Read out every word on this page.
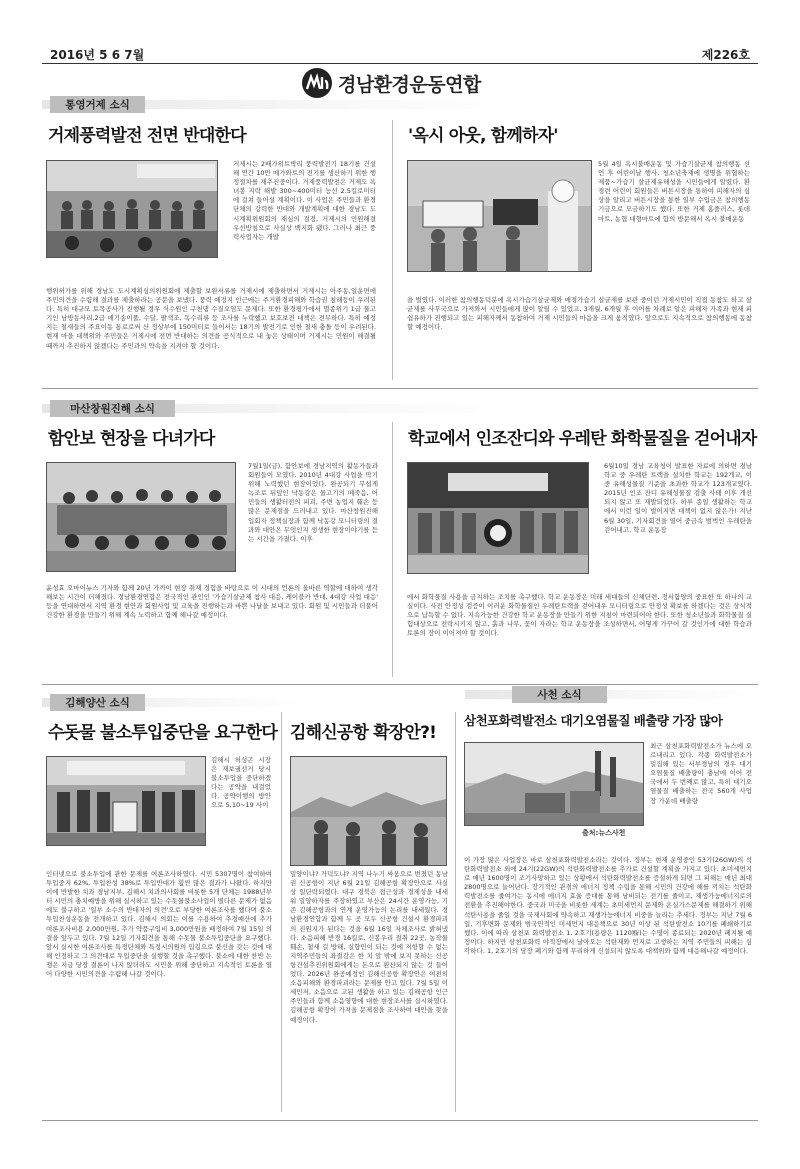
2016년 5 6 7월	제226호
경남환경운동연합
통영거제 소식
거제풍력발전 전면 반대한다
거제시는 2배가위트박리 풍력발전기 18기를 건설해 연간 10만 메가와트의 전기를 생산하기 위한 행정절차를 재추진중이다. 거제풍력발전은 거제도 옥녀봉 지락 해발 300~400미터 능선 2.5킬로미터에 걸쳐 들어설 계획이다. 이 사업은 주민들과 환경단체의 강력한 반대와 개발계획에 대한 경남도 도시계획위원회의 재심의 결정, 거제시의 민원해결 우선방침으로 사실상 백지화 됐다. 그러나 최근 풍력사업자는 개발
행위허가를 위해 경남도 도시계획심의위원회에 제출할 보완서류를 거제시에 제출하면서 거제시는 아주동,일운면에 주민의견을 수렴해 결과를 제출하라는 공문을 보냈다. 풍력 예정지 인근에는 주거환경피해와 학습권 침해등이 우려된다. 특히 대규모 토목공사가 진행될 경우 식수원인 구천댐 수질오염도 문제다. 또한 환경평가에서 멸종위기 1급 물고기인 남방동사리,2급 애기송이풀, 수달, 팔색조, 독수리류 등 조사를 누락했고 보호보전 대책은 전무하다. 특히 예정지는 철새들의 주요이동 통로로써 산 정상부에 150미터로 들어서는 18기의 발전기로 인한 철새 충돌 등이 우려된다. 현재 마을 대책위와 주민들은 거제시에 전면 반대하는 의견을 공식적으로 내 놓은 상태이며 거제시는 민원이 해결될 때까지 추진하지 않겠다는 주민과의 약속을 지켜야 할 것이다.
'옥시 아웃, 함께하자'
5월 4일 옥시불매운동 및 가습기살균제 참의행동 선언 후 어린이날 행사, 청소년축제에 생명을 위협하는 제품~가습기 살균제유해성을 시민들에게 알렸다. 환경련 어린이 회원들은 버튼시장을 통하여 피해자의 심상을 알리고 버튼시장을 통한 일부 수입금은 참의행동기금으로 모금하기도 했다. 또한 거제 홈플러스, 롯데마트, 농협 대형마트에 함의 방문해서 옥시 불매운동
을 벌였다. 이러한 참의행동덕분에 옥시가습기살균제와 애경가습기 살균제를 보관 중이던 거제시민이 직접 동참도 하고 살균제를 사무국으로 가져와서 시민들에게 많이 알릴 수 있었고, 3개월, 6개월 후 이어를 차례로 알은 피해자 가족과 현재 피 쉽유하가 진행되고 있는 피해자께서 동참하여 거제 시민들의 마음을 크게 움직였다. 앞으로도 지속적으로 참의행동에 동참할 예정이다.
마산창원진해 소식
함안보 현장을 다녀가다
7월1일(금), 함안보에 경남지역의 활동가들과 회원들이 모였다. 2010년 4대강 사업을 막기 위해 노력했던 현장이었다. 완공되기 무섭게 녹조로 뒤덮인 낙동강은 물고기의 떼죽음, 어민들의 생활터전의 피괴, 주변 농업지 훼손 등 많은 문제점을 드러내고 있다. 마산창원진해 입회자 정책실장과 함께 낙동강 모니터링의 결과와 대안은 무엇인지 생생한 현장이야기를 듣는 시간을 가졌다. 이후
윤성효 오마이뉴스 기자와 함께 20년 가까이 현장 취재 경험을 바탕으로 이 시대의 언론의 올바른 역할에 대하여 생각해보는 시간이 더해졌다. 경남환경연합은 전국적인 관인인 '가습기살균제 참사 대응, 케이블카 반대, 4대강 사업 대응' 등을 연대하면서 지역 환경 현안과 회원사업 및 교육을 진행하는과 바쁜 나날을 보내고 있다. 회원 및 시민들과 더불어 건강한 환경을 만들기 위해 계속 노력하고 함께 해나갈 예정이다.
학교에서 인조잔디와 우레탄 화학물질을 걷어내자
6월10일 경남 교육청이 발표한 자료에 의하면 경남 학교 중 우레탄 트랙을 설치한 학교는 192개교, 이 중 유해성물질 기준을 초과한 학교가 123개교였다. 2015년 인조 잔디 유해성물질 검출 사태 이후 개선되지 않고 또 재발되었다. 하루 종일 생활하는 학교에서 이런 일이 벌어지면 대책이 없지 않은가! 지난 6월 30일, 기자회견을 열어 중금속 범벅인 우레탄을 걷어내고, 학교 운동장
에서 화학물질 사용을 금지하는 조치를 촉구했다. 학교 운동장은 미래 세대들의 신체단련, 정서함양의 중요한 또 하나의 교실이다. 사전 안정성 검증이 이러운 화학물질인 우레탄트랙을 걷어내우 모니터링으로 안정성 확보를 하겠다는 것은 상식적으로 납득할 수 없다. 지속가능한 건강한 학교 운동장을 만들기 위한 지침이 마련되어야 한다. 또한 청소년들과 화학물질 실험대상으로 전락시키지 않고, 흙과 나무, 꽃이 자라는 학교 운동장을 조성하면서, 어떻게 가꾸어 갈 것인가에 대한 학습과 토론의 장이 이어져야 할 것이다.
김해양산 소식
수돗물 불소투입중단을 요구한다
김해시 허성곤 시장은 재보궐선거 당시 불소투입을 중단하겠다는 공약을 내걸었다. 공약이행의 방안으로 5,10~19 사이
인터넷으로 불소투입에 관한 문제를 여론조사하였다. 시민 5307명이 참여하여 투입중지 62%, 투입찬성 38%로 투입반대가 훨씬 많은 결과가 나왔다. 하지만 이에 반발한 치과 경남지부, 김해시 치과의사회를 비롯한 5개 단체는 1988년부터 시민의 충치예방을 위해 실시하고 있는 수돗물불소사업이 별다른 문제가 없음에도 불구하고 '일부 소수의 반대자의 의견'으로 부당한 여론조사를 했다며 불소투입찬성운동을 전개하고 있다. 김해시 의회는 이를 수용하여 추경예산에 추가 여론조사비용 2,000만원, 추가 약품구입비 3,000만원을 배정하여 7월 15일 의결을 앞두고 있다. 7월 12일 기자회견을 통해 수돗물 불소투입중단을 요구했다. 앞서 실시한 여론조사를 특정단체와 특정시의원의 입김으로 불신을 갖는 것에 대해 인정하고 그 의견대로 투입중단을 실행할 것을 촉구했다. 불소에 대한 찬반 논쟁은 지금 당장 결론이 나지 않더라도 시민을 위해 중단하고 지속적인 토론을 열어 다양한 시민의견을 수렴해 나갈 것이다.
김해신공항 확장안?!
밀양이냐? 가덕도냐? 지역 나누기 싸움으로 번졌던 동남권 신공항이 지난 6월 21일 김해공항 확장안으로 사실상 일단락되었다. 대구 경북은 접근성과 경제성을 내세워 밀양하자를 주장하였고 부산은 24시간 운영가능, 기존 김해공항과의 연계 운영가능의 논리를 내세웠다. 경남환경연합과 함께 두 곳 모두 신공항 건설시 환경파괴의 진원지가 된다는 것을 6월 16일 자체조사로 밝혀냈다. 소음피해 반경 16킬로, 신봉우리 절취 22곳, 농작물 훼손, 철새 길 방해, 실향민이 되는 것에 저항할 수 없는 지역주민들의 좌절감은 한 치 앞 밖에 보지 못하는 신공항건설추진위원회에게는 돈으로 환산되지 않는 것 들이었다. 2026년 완공예정인 김해신공항 확장안은 여전히 소음피해와 환경파괴라는 문제를 안고 있다. 7월 5일 이 세민저, 소음으로 고된 생활을 하고 있는 김해공항 인근 주민들과 함께 소음영향에 대한 현장조사를 실시하였다. 김해공항 확장이 가져올 문제점을 조사하여 대안을 찾을 예정이다.
사천 소식
삼천포화력발전소 대기오염물질 배출량 가장 많아
출처:뉴스사천
최근 삼천포화력발전소가 뉴스에 오르내리고 있다. 각종 화력발전소가 밀집해 있는 서부경남의 경우 대기오염물질 배출량이 충남에 이어 전국에서 두 번째로 많고, 특히 대기오염물질 배출하는 전국 560개 사업장 가운데 배출량
이 가장 많은 사업장은 바로 삼천포화력발전소라는 것이다. 정부는 현재 운영중인 53기(26GW)의 석탄화력발전소 외에 24기(22GW)의 석탄화력발전소를 추가로 건설할 계획을 가지고 있다. 초미세먼지로 매년 1600명이 조기사망하고 있는 상황에서 석탄화력발전소를 증설하게 되면 그 피해는 매년 최대 2800명으로 늘어난다. 장기적인 관점의 에너지 정책 수립을 통해 시민의 건강에 해를 끼치는 석탄화력발전소를 줄여가는 동시에 에너지 효율 증대를 통해 남비되는 전기를 줄이고, 재생가능에너지로의 전환을 추진해야한다. 중국과 미국을 비롯한 세계는 초미세먼지 문제와 온실가스문제를 해결하기 위해 석탄사용을 줄일 것을 국제사회에 약속하고 재생가능에너지 비중을 늘리는 추세다. 정부는 지난 7월 6일, 기후변화 문제와 범국민적인 미세먼지 대응책으로 30년 이상 된 석탄발전소 10기를 폐쇄하기로 했다. 이에 따라 삼천포 화력발전소 1, 2호기(용량은 1120㎿)는 수명이 종료되는 2020년 폐지될 예정이다. 하지만 삼천포화력 야적장에서 날아오는 석탄재와 먼지로 고생하는 지역 주민들의 피해는 심각하다. 1, 2호기의 당장 폐기와 함께 무리하게 신설되지 않도록 대책위와 함께 대응해나갈 예정이다.
